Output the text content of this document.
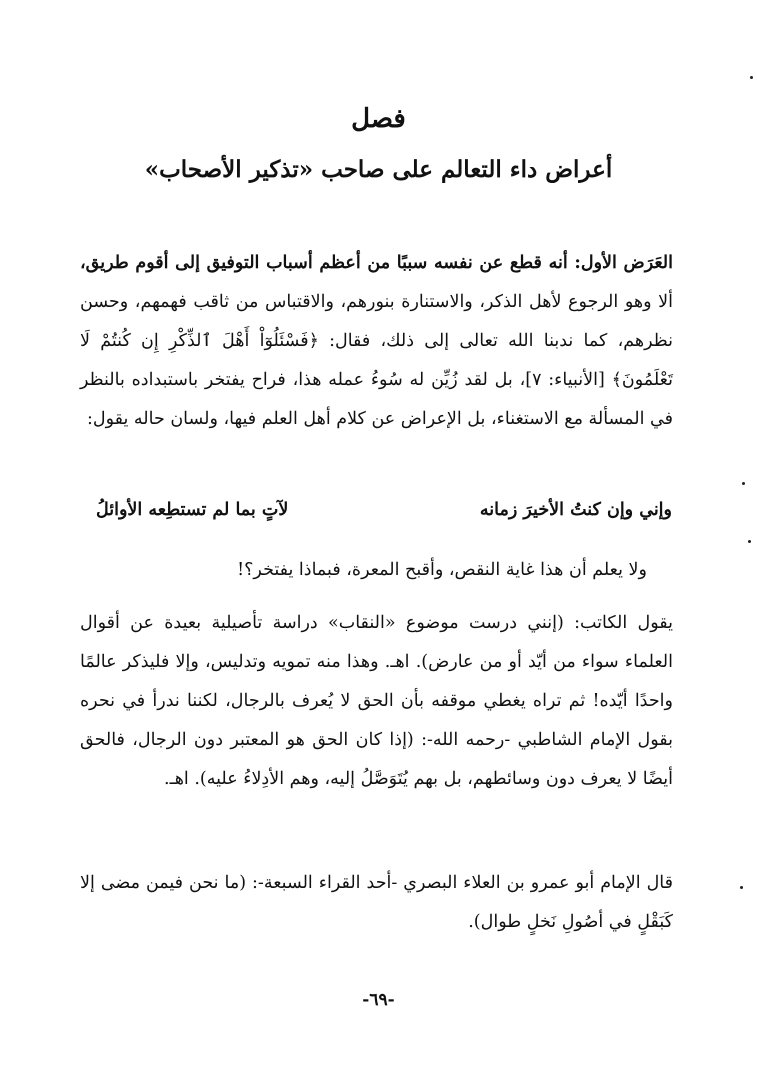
فصل
أعراض داء التعالم على صاحب «تذكير الأصحاب»
العَرَض الأول: أنه قطع عن نفسه سببًا من أعظم أسباب التوفيق إلى أقوم طريق، ألا وهو الرجوع لأهل الذكر، والاستنارة بنورهم، والاقتباس من ثاقب فهمهم، وحسن نظرهم، كما ندبنا الله تعالى إلى ذلك، فقال: ﴿فَسْئَلُوٓاْ أَهْلَ ٱلذِّكْرِ إِن كُنتُمْ لَا تَعْلَمُونَ﴾ [الأنبياء: ٧]، بل لقد زُيِّن له سُوءُ عمله هذا، فراح يفتخر باستبداده بالنظر في المسألة مع الاستغناء، بل الإعراض عن كلام أهل العلم فيها، ولسان حاله يقول:
وإني وإن كنتُ الأخيرَ زمانه
لآتٍ بما لم تستطِعه الأوائلُ
ولا يعلم أن هذا غاية النقص، وأقبح المعرة، فبماذا يفتخر؟!
يقول الكاتب: (إنني درست موضوع «النقاب» دراسة تأصيلية بعيدة عن أقوال العلماء سواء من أيّد أو من عارض). اهـ. وهذا منه تمويه وتدليس، وإلا فليذكر عالمًا واحدًا أيّده! ثم تراه يغطي موقفه بأن الحق لا يُعرف بالرجال، لكننا ندرأ في نحره بقول الإمام الشاطبي -رحمه الله-: (إذا كان الحق هو المعتبر دون الرجال، فالحق أيضًا لا يعرف دون وسائطهم، بل بهم يُتَوَصَّلُ إليه، وهم الأدِلاءُ عليه). اهـ.
قال الإمام أبو عمرو بن العلاء البصري -أحد القراء السبعة-: (ما نحن فيمن مضى إلا كَبَقْلٍ في أصُولِ نَخلٍ طوال).
-٦٩-
